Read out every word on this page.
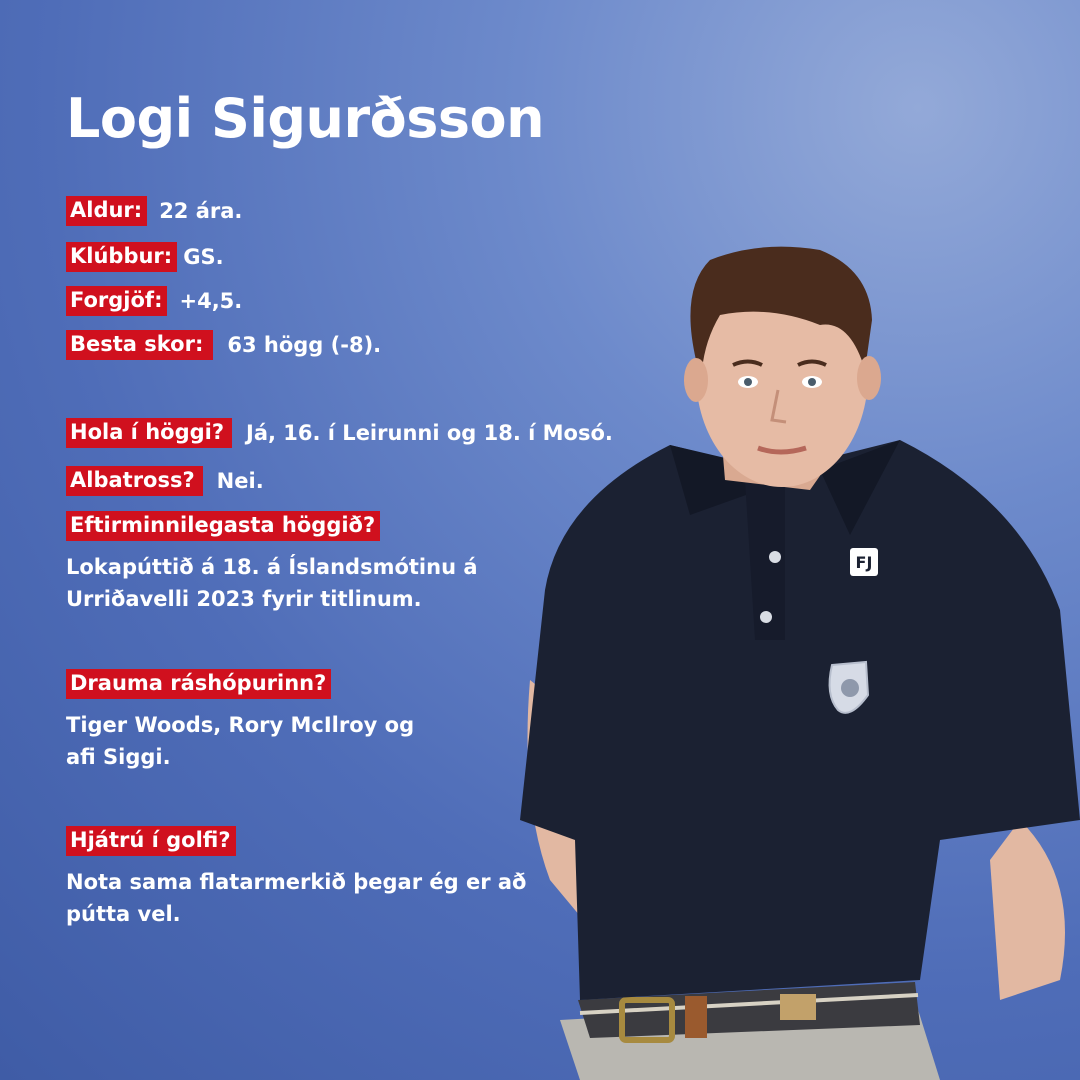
Logi Sigurðsson
Aldur: 22 ára.
Klúbbur: GS.
Forgjöf: +4,5.
Besta skor:	63 högg (-8).
Hola í höggi?	Já, 16. í Leirunni og 18. í Mosó.
Albatross?	Nei.
Eftirminnilegasta höggið?
Lokapúttið á 18. á Íslandsmótinu á
Urriðavelli 2023 fyrir titlinum.
Drauma ráshópurinn?
Tiger Woods, Rory McIlroy og
afi Siggi.
Hjátrú í golfi?
Nota sama flatarmerkið þegar ég er að
pútta vel.
FJ
